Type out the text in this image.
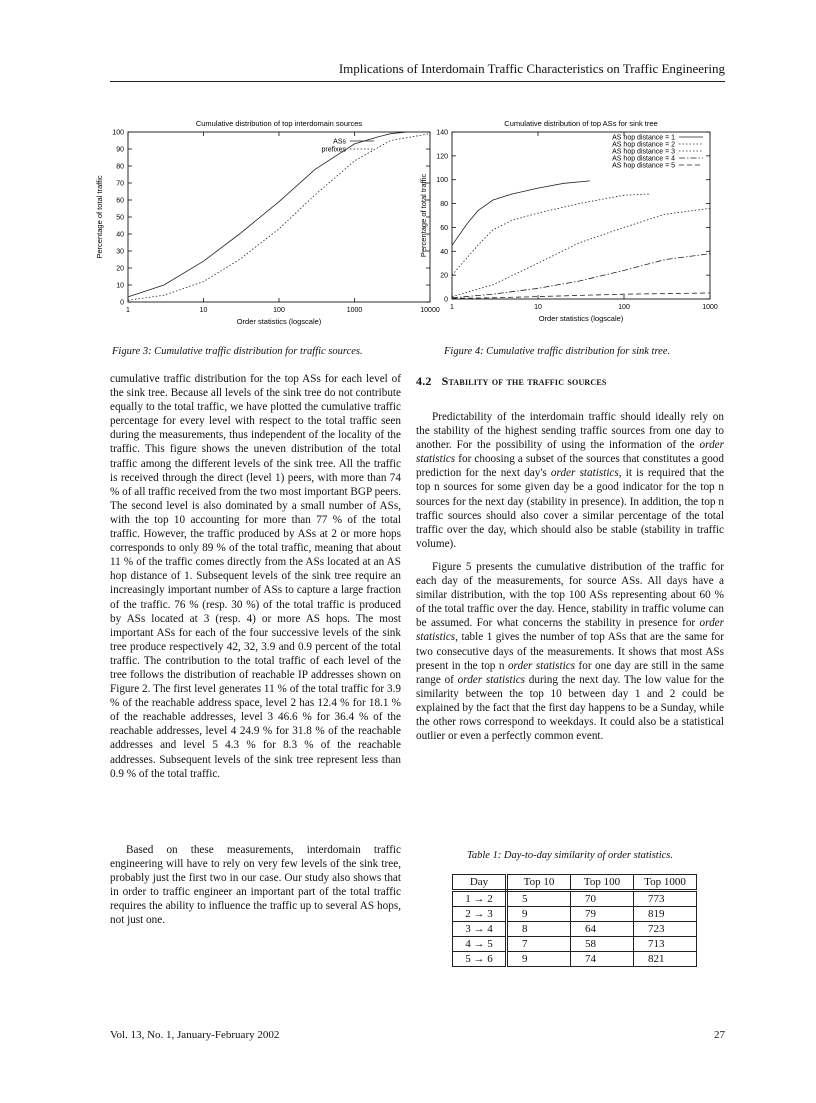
Implications of Interdomain Traffic Characteristics on Traffic Engineering
Cumulative distribution of top interdomain sources
1	10	100	1000	10000
0
10
20
30
40
50
60
70
80
90
100
Order statistics (logscale)
Percentage of total traffic
ASs
prefixes
Figure 3: Cumulative traffic distribution for traffic sources.
Cumulative distribution of top ASs for sink tree
1	10	100	1000
0
20
40
60
80
100
120
140
Order statistics (logscale)
Percentage of total traffic
AS hop distance = 1
AS hop distance = 2
AS hop distance = 3
AS hop distance = 4
AS hop distance = 5
Figure 4: Cumulative traffic distribution for sink tree.

cumulative traffic distribution for the top ASs for each level of the sink tree. Because all levels of the sink tree do not contribute equally to the total traffic, we have plotted the cumulative traffic percentage for every level with respect to the total traffic seen during the measurements, thus independent of the locality of the traffic. This figure shows the uneven distribution of the total traffic among the different levels of the sink tree. All the traffic is received through the direct (level 1) peers, with more than 74 % of all traffic received from the two most important BGP peers. The second level is also dominated by a small number of ASs, with the top 10 accounting for more than 77 % of the total traffic. However, the traffic produced by ASs at 2 or more hops corresponds to only 89 % of the total traffic, meaning that about 11 % of the traffic comes directly from the ASs located at an AS hop distance of 1. Subsequent levels of the sink tree require an increasingly important number of ASs to capture a large fraction of the traffic. 76 % (resp. 30 %) of the total traffic is produced by ASs located at 3 (resp. 4) or more AS hops. The most important ASs for each of the four successive levels of the sink tree produce respectively 42, 32, 3.9 and 0.9 percent of the total traffic. The contribution to the total traffic of each level of the tree follows the distribution of reachable IP addresses shown on Figure 2. The first level generates 11 % of the total traffic for 3.9 % of the reachable address space, level 2 has 12.4 % for 18.1 % of the reachable addresses, level 3 46.6 % for 36.4 % of the reachable addresses, level 4 24.9 % for 31.8 % of the reachable addresses and level 5 4.3 % for 8.3 % of the reachable addresses. Subsequent levels of the sink tree represent less than 0.9 % of the total traffic.

Based on these measurements, interdomain traffic engineering will have to rely on very few levels of the sink tree, probably just the first two in our case. Our study also shows that in order to traffic engineer an important part of the total traffic requires the ability to influence the traffic up to several AS hops, not just one.

4.2 Stability of the traffic sources

Predictability of the interdomain traffic should ideally rely on the stability of the highest sending traffic sources from one day to another. For the possibility of using the information of the order statistics for choosing a subset of the sources that constitutes a good prediction for the next day's order statistics, it is required that the top n sources for some given day be a good indicator for the top n sources for the next day (stability in presence). In addition, the top n traffic sources should also cover a similar percentage of the total traffic over the day, which should also be stable (stability in traffic volume).

Figure 5 presents the cumulative distribution of the traffic for each day of the measurements, for source ASs. All days have a similar distribution, with the top 100 ASs representing about 60 % of the total traffic over the day. Hence, stability in traffic volume can be assumed. For what concerns the stability in presence for order statistics, table 1 gives the number of top ASs that are the same for two consecutive days of the measurements. It shows that most ASs present in the top n order statistics for one day are still in the same range of order statistics during the next day. The low value for the similarity between the top 10 between day 1 and 2 could be explained by the fact that the first day happens to be a Sunday, while the other rows correspond to weekdays. It could also be a statistical outlier or even a perfectly common event.

Table 1: Day-to-day similarity of order statistics.
Day	Top 10	Top 100	Top 1000
1 → 2	5	70	773
2 → 3	9	79	819
3 → 4	8	64	723
4 → 5	7	58	713
5 → 6	9	74	821
Vol. 13, No. 1, January-February 2002	27
